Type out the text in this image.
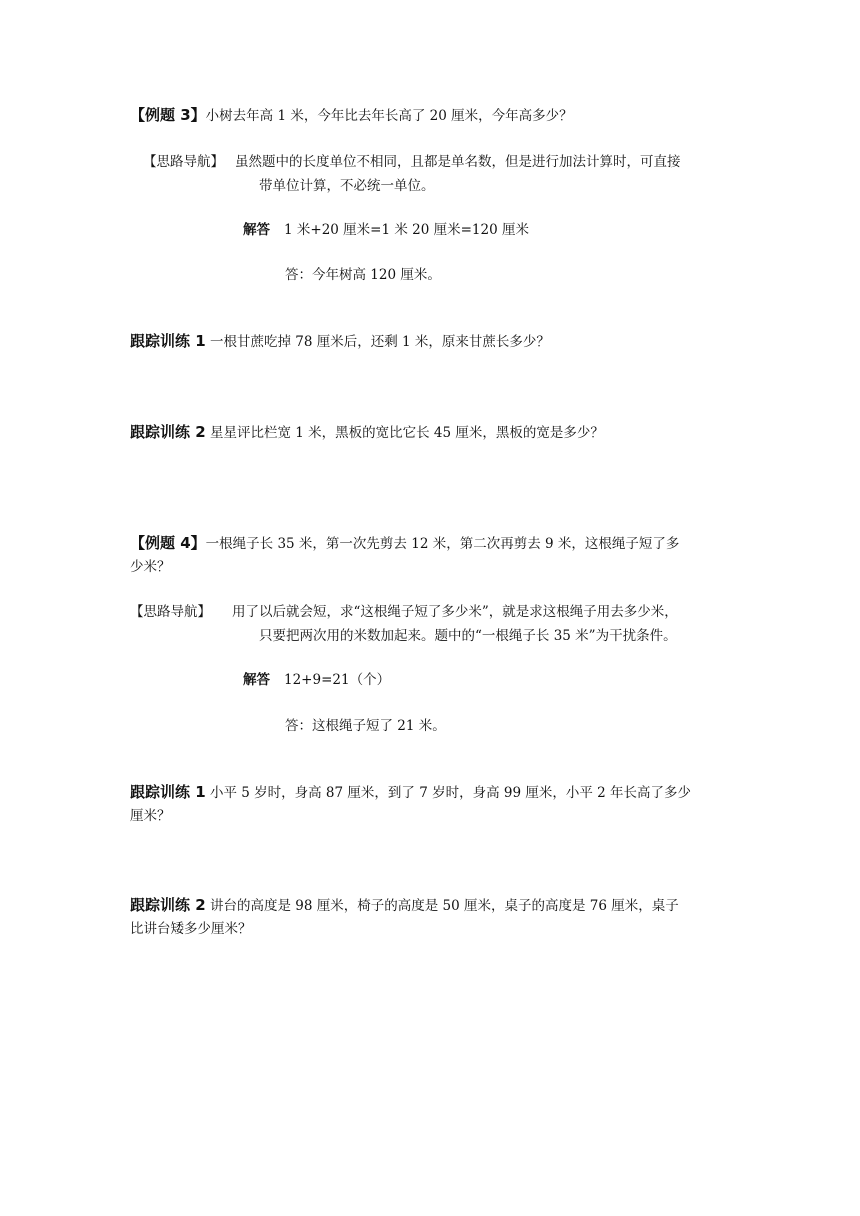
【例题 3】小树去年高 1 米，今年比去年长高了 20 厘米，今年高多少？
【思路导航】 虽然题中的长度单位不相同，且都是单名数，但是进行加法计算时，可直接
带单位计算，不必统一单位。
解答 1 米+20 厘米=1 米 20 厘米=120 厘米
答：今年树高 120 厘米。
跟踪训练 1 一根甘蔗吃掉 78 厘米后，还剩 1 米，原来甘蔗长多少？
跟踪训练 2 星星评比栏宽 1 米，黑板的宽比它长 45 厘米，黑板的宽是多少？
【例题 4】一根绳子长 35 米，第一次先剪去 12 米，第二次再剪去 9 米，这根绳子短了多
少米？
【思路导航】 用了以后就会短，求“这根绳子短了多少米”，就是求这根绳子用去多少米，
只要把两次用的米数加起来。题中的“一根绳子长 35 米”为干扰条件。
解答 12+9=21（个）
答：这根绳子短了 21 米。
跟踪训练 1 小平 5 岁时，身高 87 厘米，到了 7 岁时，身高 99 厘米，小平 2 年长高了多少
厘米？
跟踪训练 2 讲台的高度是 98 厘米，椅子的高度是 50 厘米，桌子的高度是 76 厘米，桌子
比讲台矮多少厘米？
